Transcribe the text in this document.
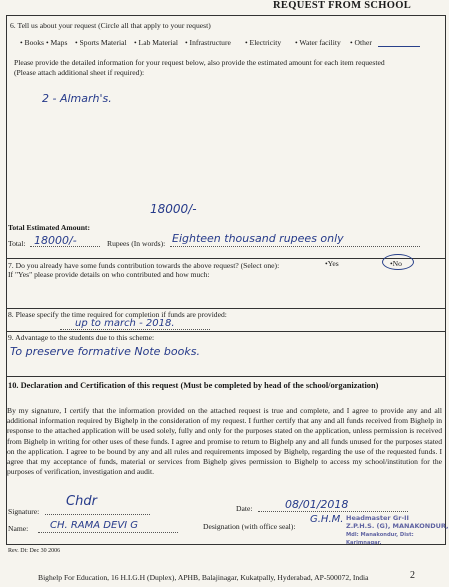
REQUEST FROM SCHOOL
6. Tell us about your request (Circle all that apply to your request)
• Books • Maps • Sports Material • Lab Material • Infrastructure • Electricity • Water facility • Other
Please provide the detailed information for your request below, also provide the estimated amount for each item requested
(Please attach additional sheet if required):
2 - Almarh's.
18000/-
Total Estimated Amount:
Total: 18000/-	Rupees (In words): Eighteen thousand rupees only
7. Do you already have some funds contribution towards the above request? (Select one):	•Yes	•No
If "Yes" please provide details on who contributed and how much:
8. Please specify the time required for completion if funds are provided:
up to march - 2018.
9. Advantage to the students due to this scheme:
To preserve formative Note books.
10. Declaration and Certification of this request (Must be completed by head of the school/organization)
By my signature, I certify that the information provided on the attached request is true and complete, and I agree to provide any and all additional information required by Bighelp in the consideration of my request. I further certify that any and all funds received from Bighelp in response to the attached application will be used solely, fully and only for the purposes stated on the application, unless permission is received from Bighelp in writing for other uses of these funds. I agree and promise to return to Bighelp any and all funds unused for the purposes stated on the application. I agree to be bound by any and all rules and requirements imposed by Bighelp, regarding the use of the requested funds. I agree that my acceptance of funds, material or services from Bighelp gives permission to Bighelp to access my school/institution for the purposes of verification, investigation and audit.
Signature:
Chdr	Date:	08/01/2018
Name: CH. RAMA DEVI G	Designation (with office seal):
G.H.M. Headmaster Gr-II
Z.P.H.S. (G), MANAKONDUR,
Mdl: Manakondur, Dist: Karimnagar.
Rev. Dt: Dec 30 2006
Bighelp For Education, 16 H.I.G.H (Duplex), APHB, Balajinagar, Kukatpally, Hyderabad, AP-500072, India	2
